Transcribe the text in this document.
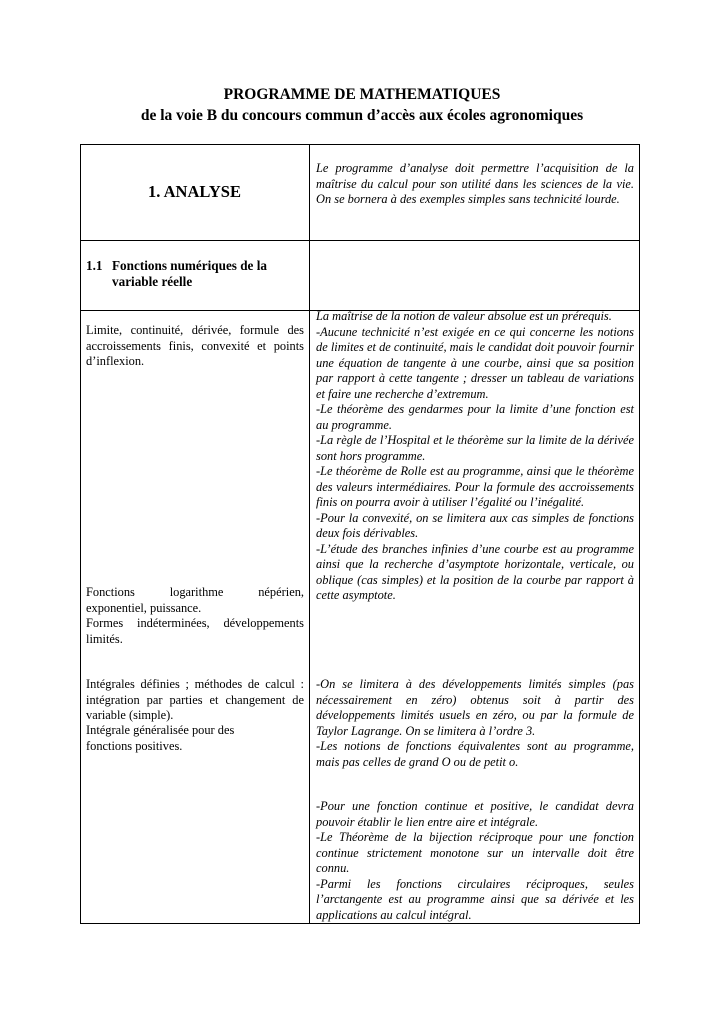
PROGRAMME DE MATHEMATIQUES
de la voie B du concours commun d’accès aux écoles agronomiques
1. ANALYSE
Le programme d’analyse doit permettre l’acquisition de la maîtrise du calcul pour son utilité dans les sciences de la vie. On se bornera à des exemples simples sans technicité lourde.
1.1 Fonctions numériques de la
variable réelle
Limite, continuité, dérivée, formule des accroissements finis, convexité et points d’inflexion.
Fonctions logarithme népérien, exponentiel, puissance.
Formes indéterminées, développements limités.
Intégrales définies ; méthodes de calcul : intégration par parties et changement de variable (simple).
Intégrale généralisée pour des
fonctions positives.

La maîtrise de la notion de valeur absolue est un prérequis.

-Aucune technicité n’est exigée en ce qui concerne les notions de limites et de continuité, mais le candidat doit pouvoir fournir une équation de tangente à une courbe, ainsi que sa position par rapport à cette tangente ; dresser un tableau de variations et faire une recherche d’extremum.

-Le théorème des gendarmes pour la limite d’une fonction est au programme.

-La règle de l’Hospital et le théorème sur la limite de la dérivée sont hors programme.

-Le théorème de Rolle est au programme, ainsi que le théorème des valeurs intermédiaires. Pour la formule des accroissements finis on pourra avoir à utiliser l’égalité ou l’inégalité.

-Pour la convexité, on se limitera aux cas simples de fonctions deux fois dérivables.

-L’étude des branches infinies d’une courbe est au programme ainsi que la recherche d’asymptote horizontale, verticale, ou oblique (cas simples) et la position de la courbe par rapport à cette asymptote.

-On se limitera à des développements limités simples (pas nécessairement en zéro) obtenus soit à partir des développements limités usuels en zéro, ou par la formule de Taylor Lagrange. On se limitera à l’ordre 3.

-Les notions de fonctions équivalentes sont au programme, mais pas celles de grand O ou de petit o.

-Pour une fonction continue et positive, le candidat devra pouvoir établir le lien entre aire et intégrale.

-Le Théorème de la bijection réciproque pour une fonction continue strictement monotone sur un intervalle doit être connu.

-Parmi les fonctions circulaires réciproques, seules l’arctangente est au programme ainsi que sa dérivée et les applications au calcul intégral.
